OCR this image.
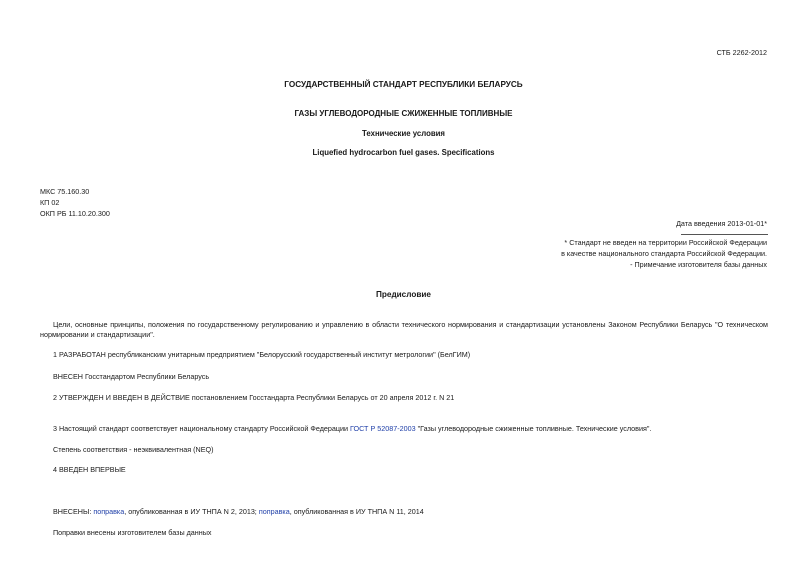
СТБ 2262-2012
ГОСУДАРСТВЕННЫЙ СТАНДАРТ РЕСПУБЛИКИ БЕЛАРУСЬ
ГАЗЫ УГЛЕВОДОРОДНЫЕ СЖИЖЕННЫЕ ТОПЛИВНЫЕ
Технические условия
Liquefied hydrocarbon fuel gases. Specifications
МКС 75.160.30
КП 02
ОКП РБ 11.10.20.300
Дата введения 2013-01-01*
* Стандарт не введен на территории Российской Федерации
в качестве национального стандарта Российской Федерации.
- Примечание изготовителя базы данных
Предисловие
Цели, основные принципы, положения по государственному регулированию и управлению в области технического нормирования и стандартизации установлены Законом Республики Беларусь "О техническом нормировании и стандартизации".
1 РАЗРАБОТАН республиканским унитарным предприятием "Белорусский государственный институт метрологии" (БелГИМ)
ВНЕСЕН Госстандартом Республики Беларусь
2 УТВЕРЖДЕН И ВВЕДЕН В ДЕЙСТВИЕ постановлением Госстандарта Республики Беларусь от 20 апреля 2012 г. N 21
3 Настоящий стандарт соответствует национальному стандарту Российской Федерации ГОСТ Р 52087-2003 "Газы углеводородные сжиженные топливные. Технические условия".
Степень соответствия - неэквивалентная (NEQ)
4 ВВЕДЕН ВПЕРВЫЕ
ВНЕСЕНЫ: поправка, опубликованная в ИУ ТНПА N 2, 2013; поправка, опубликованная в ИУ ТНПА N 11, 2014
Поправки внесены изготовителем базы данных
